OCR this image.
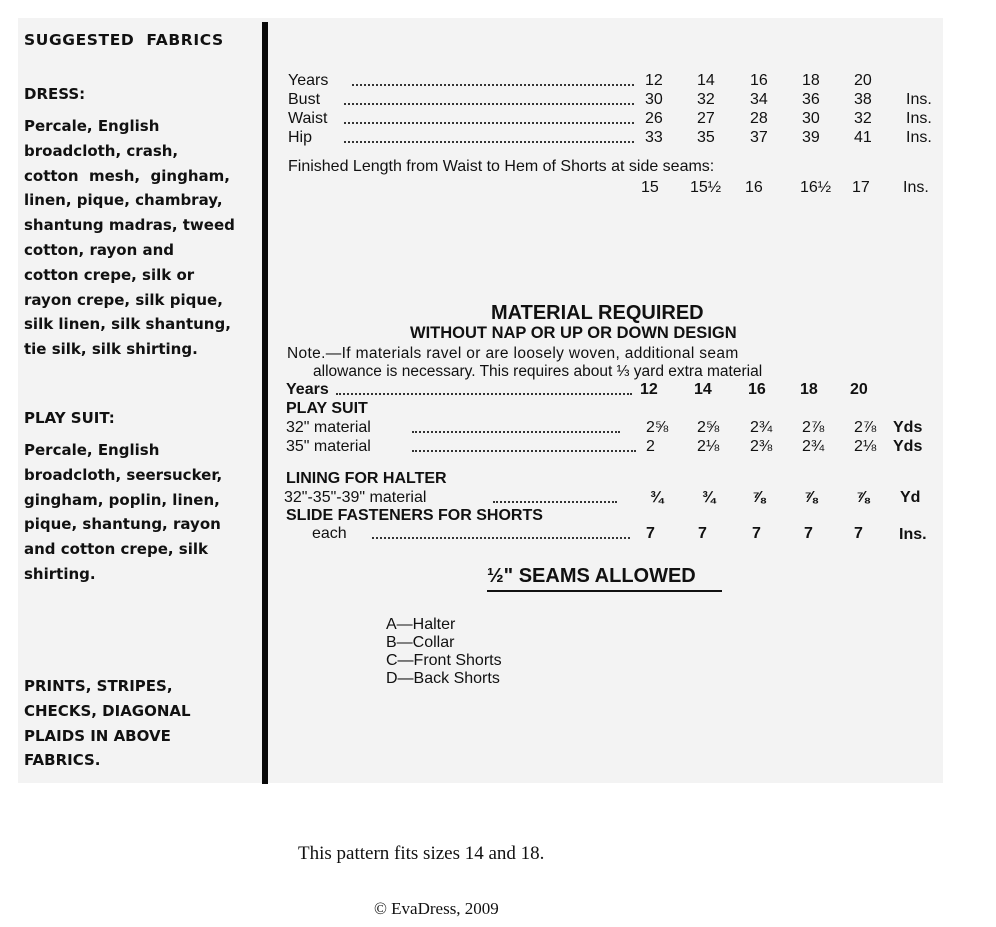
SUGGESTED  FABRICS
DRESS:
Percale, English
broadcloth, crash,
cotton  mesh,  gingham,
linen, pique, chambray,
shantung madras, tweed
cotton, rayon and
cotton crepe, silk or
rayon crepe, silk pique,
silk linen, silk shantung,
tie silk, silk shirting.
PLAY SUIT:
Percale, English
broadcloth, seersucker,
gingham, poplin, linen,
pique, shantung, rayon
and cotton crepe, silk
shirting.
PRINTS, STRIPES,
CHECKS, DIAGONAL
PLAIDS IN ABOVE
FABRICS.
Years	12 14 16 18 20
Bust	30 32 34 36 38 Ins.
Waist	26 27 28 30 32 Ins.
Hip	33 35 37 39 41 Ins.
Finished Length from Waist to Hem of Shorts at side seams:
15 15½ 16 16½ 17 Ins.
MATERIAL REQUIRED
WITHOUT NAP OR UP OR DOWN DESIGN
Note.—If materials ravel or are loosely woven, additional seam
allowance is necessary. This requires about ⅓ yard extra material
Years	12 14 16 18 20
PLAY SUIT
32" material	2⅝ 2⅝ 2¾ 2⅞ 2⅞ Yds
35" material	2	2⅛ 2⅜ 2¾ 2⅛ Yds
32"-35"-39" material	¾ ¾ ⅞ ⅞ ⅞ Yd
each	7	7	7	7	7 Ins.
LINING FOR HALTER
SLIDE FASTENERS FOR SHORTS
½" SEAMS ALLOWED
A—Halter
B—Collar
C—Front Shorts
D—Back Shorts
This pattern fits sizes 14 and 18.
© EvaDress, 2009
